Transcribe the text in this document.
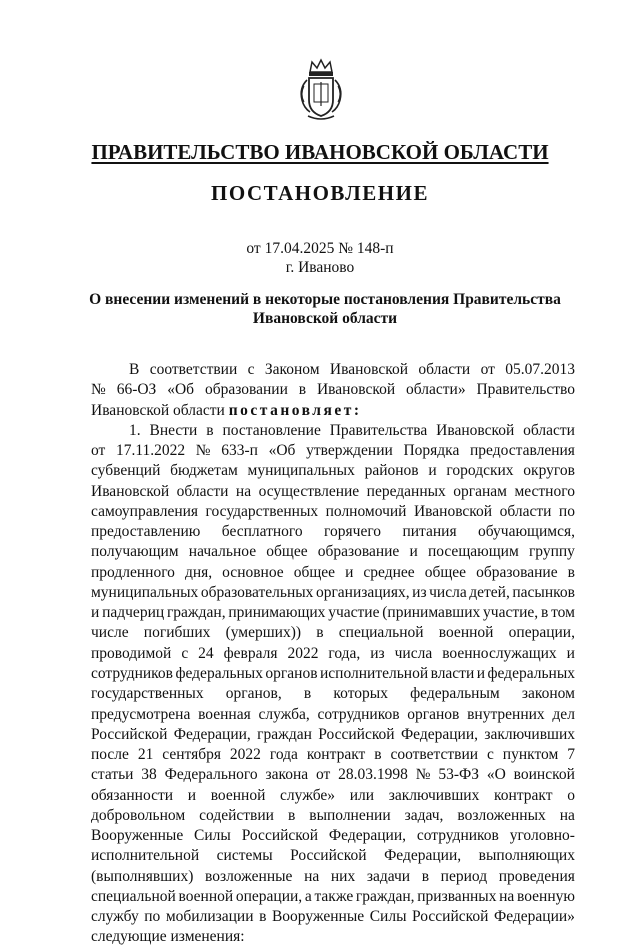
ПРАВИТЕЛЬСТВО ИВАНОВСКОЙ ОБЛАСТИ
ПОСТАНОВЛЕНИЕ
от 17.04.2025 № 148-п
г. Иваново
О внесении изменений в некоторые постановления Правительства
Ивановской области
В соответствии с Законом Ивановской области от 05.07.2013
№ 66-ОЗ «Об образовании в Ивановской области» Правительство
Ивановской области
постановляет:
1. Внести в постановление Правительства Ивановской области
от 17.11.2022 № 633-п «Об утверждении Порядка предоставления
субвенций бюджетам муниципальных районов и городских округов
Ивановской области на осуществление переданных органам местного
самоуправления государственных полномочий Ивановской области по
предоставлению бесплатного горячего питания обучающимся,
получающим начальное общее образование и посещающим группу
продленного дня, основное общее и среднее общее образование в
муниципальных образовательных организациях, из числа детей, пасынков
и падчериц граждан, принимающих участие (принимавших участие, в том
числе погибших (умерших)) в специальной военной операции,
проводимой с 24 февраля 2022 года, из числа военнослужащих и
сотрудников федеральных органов исполнительной власти и федеральных
государственных органов, в которых федеральным законом
предусмотрена военная служба, сотрудников органов внутренних дел
Российской Федерации, граждан Российской Федерации, заключивших
после 21 сентября 2022 года контракт в соответствии с пунктом 7
статьи 38 Федерального закона от 28.03.1998 № 53-ФЗ «О воинской
обязанности и военной службе» или заключивших контракт о
добровольном содействии в выполнении задач, возложенных на
Вооруженные Силы Российской Федерации, сотрудников уголовно-
исполнительной системы Российской Федерации, выполняющих
(выполнявших) возложенные на них задачи в период проведения
специальной военной операции, а также граждан, призванных на военную
службу по мобилизации в Вооруженные Силы Российской Федерации»
следующие изменения:
